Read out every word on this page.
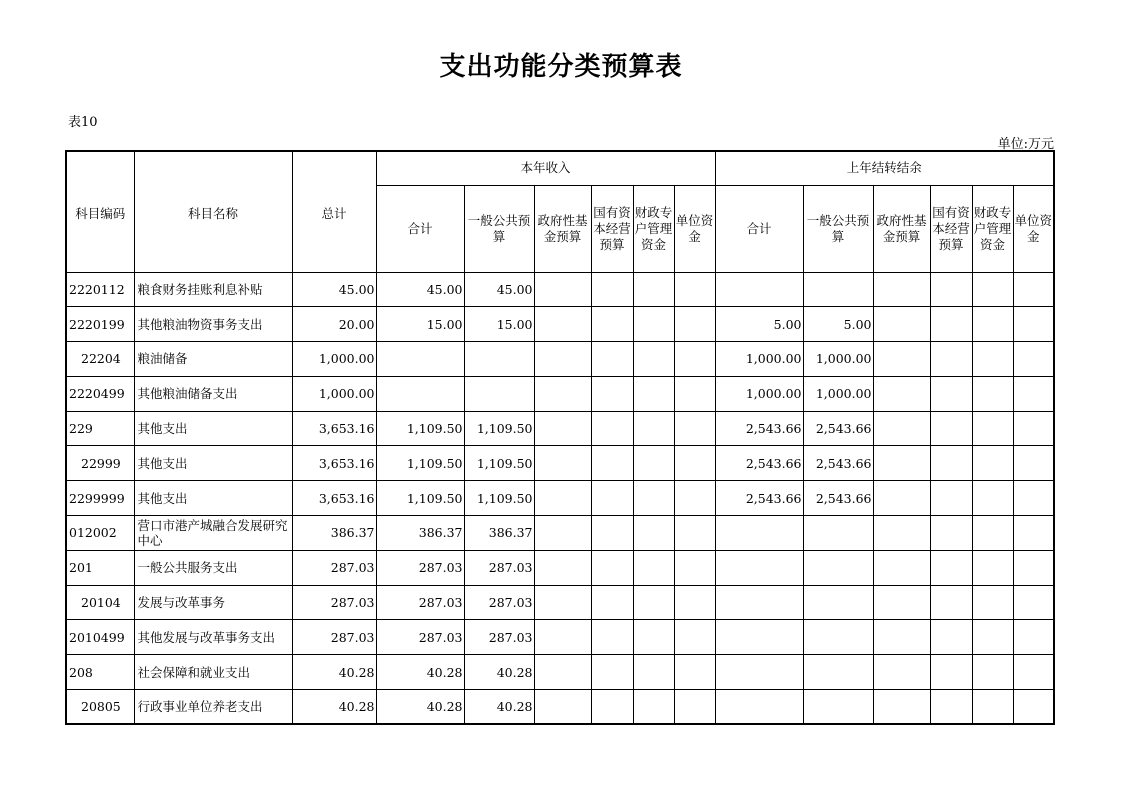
支出功能分类预算表
表10
单位:万元
科目编码	科目名称	总计	本年收入						上年结转结余					
			合计	一般公共预算	政府性基金预算	国有资本经营预算	财政专户管理资金	单位资金	合计	一般公共预算	政府性基金预算	国有资本经营预算	财政专户管理资金	单位资金
2220112	粮食财务挂账利息补贴	45.00	45.00	45.00										
2220199	其他粮油物资事务支出	20.00	15.00	15.00					5.00	5.00				
22204	粮油储备	1,000.00							1,000.00	1,000.00				
2220499	其他粮油储备支出	1,000.00							1,000.00	1,000.00				
229	其他支出	3,653.16	1,109.50	1,109.50					2,543.66	2,543.66				
22999	其他支出	3,653.16	1,109.50	1,109.50					2,543.66	2,543.66				
2299999	其他支出	3,653.16	1,109.50	1,109.50					2,543.66	2,543.66				
012002	营口市港产城融合发展研究中心	386.37	386.37	386.37										
201	一般公共服务支出	287.03	287.03	287.03										
20104	发展与改革事务	287.03	287.03	287.03										
2010499	其他发展与改革事务支出	287.03	287.03	287.03										
208	社会保障和就业支出	40.28	40.28	40.28										
20805	行政事业单位养老支出	40.28	40.28	40.28										
